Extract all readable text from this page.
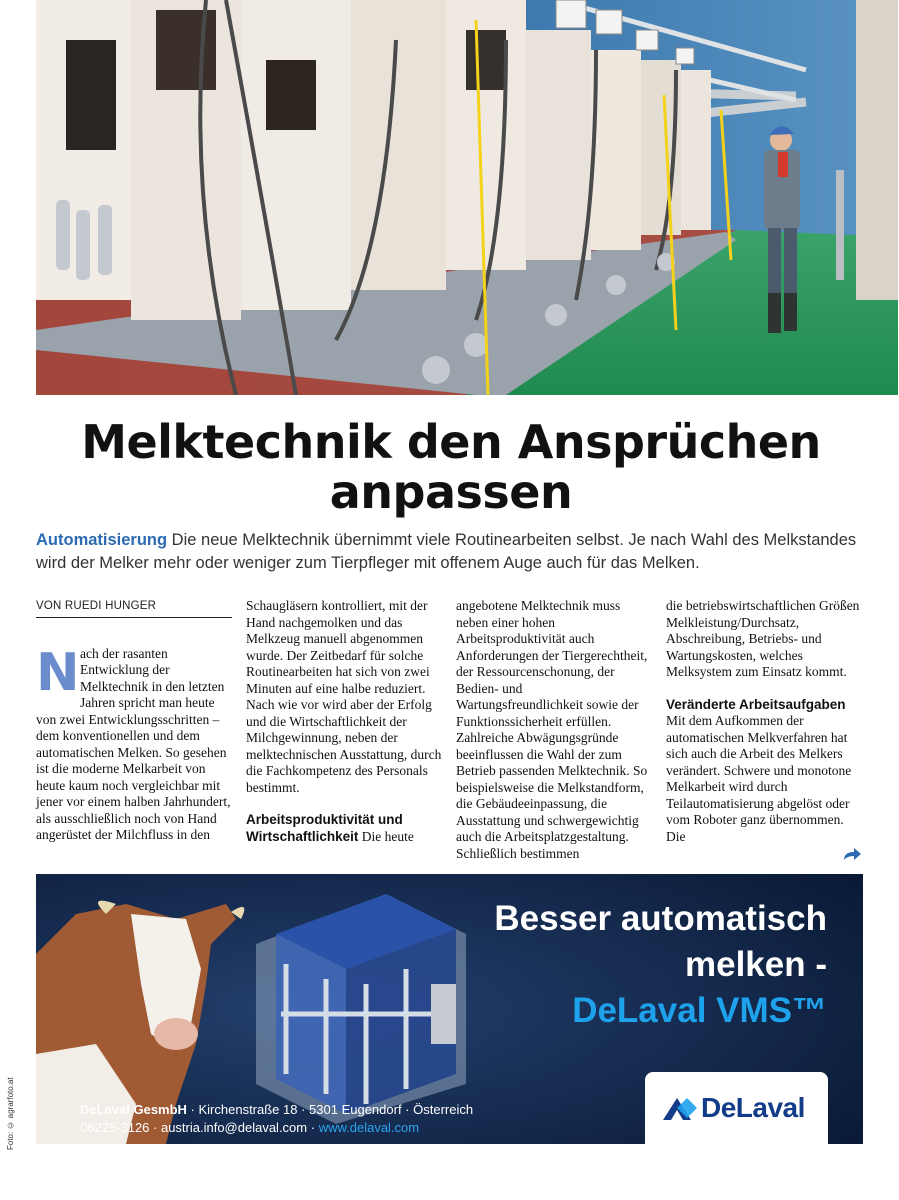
Foto: © agrarfoto.at
Melktechnik den Ansprüchen anpassen

Automatisierung Die neue Melktechnik übernimmt viele Routinearbeiten selbst. Je nach Wahl des Melkstandes wird der Melker mehr oder weniger zum Tierpfleger mit offenem Auge auch für das Melken.

VON RUEDI HUNGER

Nach der rasanten Entwicklung der Melktechnik in den letzten Jahren spricht man heute von zwei Entwicklungsschritten – dem konventionellen und dem automatischen Melken. So gesehen ist die moderne Melkarbeit von heute kaum noch vergleichbar mit jener vor einem halben Jahrhundert, als ausschließlich noch von Hand angerüstet der Milchfluss in den

Schaugläsern kontrolliert, mit der Hand nachgemolken und das Melkzeug manuell abgenommen wurde. Der Zeitbedarf für solche Routinearbeiten hat sich von zwei Minuten auf eine halbe reduziert. Nach wie vor wird aber der Erfolg und die Wirtschaftlichkeit der Milchgewinnung, neben der melktechnischen Ausstattung, durch die Fachkompetenz des Personals bestimmt.

Arbeitsproduktivität und Wirtschaftlichkeit Die heute

angebotene Melktechnik muss neben einer hohen Arbeitsproduktivität auch Anforderungen der Tiergerechtheit, der Ressourcenschonung, der Bedien- und Wartungsfreundlichkeit sowie der Funktionssicherheit erfüllen. Zahlreiche Abwägungsgründe beeinflussen die Wahl der zum Betrieb passenden Melktechnik. So beispielsweise die Melkstandform, die Gebäudeeinpassung, die Ausstattung und schwergewichtig auch die Arbeitsplatzgestaltung. Schließlich bestimmen

die betriebswirtschaftlichen Größen Melkleistung/Durchsatz, Abschreibung, Betriebs- und Wartungskosten, welches Melksystem zum Einsatz kommt.

Veränderte Arbeitsaufgaben Mit dem Aufkommen der automatischen Melkverfahren hat sich auch die Arbeit des Melkers verändert. Schwere und monotone Melkarbeit wird durch Teilautomatisierung abgelöst oder vom Roboter ganz übernommen. Die

Besser automatisch
melken -
DeLaval VMS™
DeLaval GesmbH · Kirchenstraße 18 · 5301 Eugendorf · Österreich
06225-3126 · austria.info@delaval.com · www.delaval.com
DeLaval
